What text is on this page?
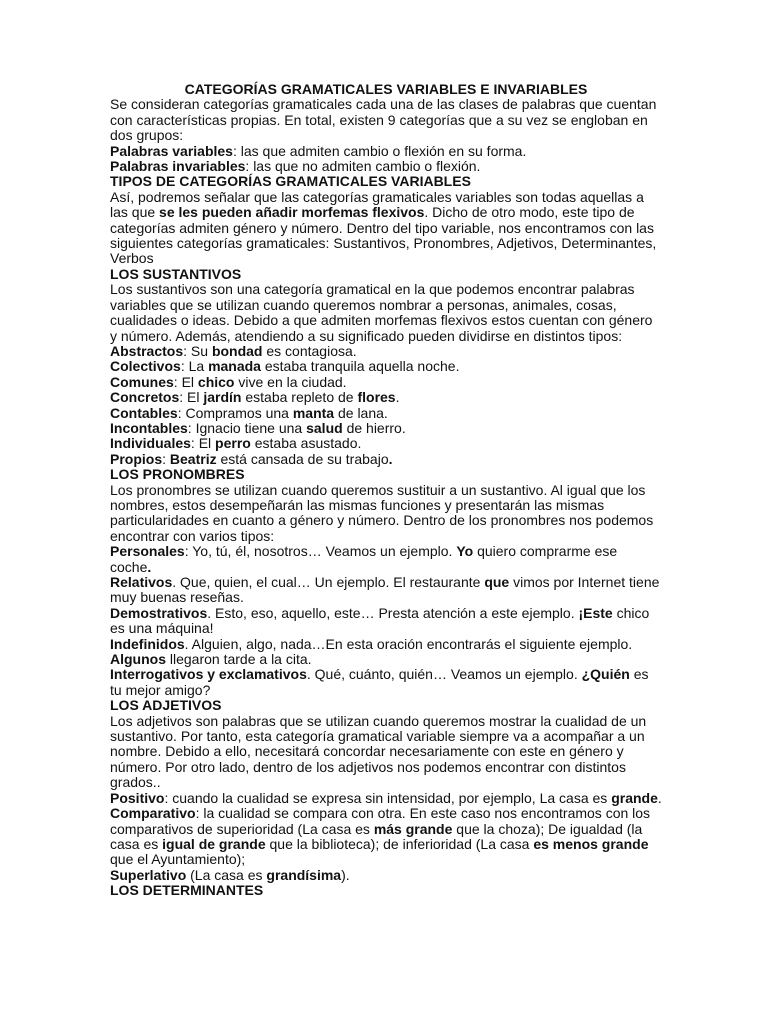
CATEGORÍAS GRAMATICALES VARIABLES E INVARIABLES

Se consideran categorías gramaticales cada una de las clases de palabras que cuentan con características propias. En total, existen 9 categorías que a su vez se engloban en dos grupos:

Palabras variables: las que admiten cambio o flexión en su forma.

Palabras invariables: las que no admiten cambio o flexión.

TIPOS DE CATEGORÍAS GRAMATICALES VARIABLES

Así, podremos señalar que las categorías gramaticales variables son todas aquellas a las que se les pueden añadir morfemas flexivos. Dicho de otro modo, este tipo de categorías admiten género y número. Dentro del tipo variable, nos encontramos con las siguientes categorías gramaticales: Sustantivos, Pronombres, Adjetivos, Determinantes, Verbos

LOS SUSTANTIVOS

Los sustantivos son una categoría gramatical en la que podemos encontrar palabras variables que se utilizan cuando queremos nombrar a personas, animales, cosas, cualidades o ideas. Debido a que admiten morfemas flexivos estos cuentan con género y número. Además, atendiendo a su significado pueden dividirse en distintos tipos:

Abstractos: Su bondad es contagiosa.

Colectivos: La manada estaba tranquila aquella noche.

Comunes: El chico vive en la ciudad.

Concretos: El jardín estaba repleto de flores.

Contables: Compramos una manta de lana.

Incontables: Ignacio tiene una salud de hierro.

Individuales: El perro estaba asustado.

Propios: Beatriz está cansada de su trabajo.

LOS PRONOMBRES

Los pronombres se utilizan cuando queremos sustituir a un sustantivo. Al igual que los nombres, estos desempeñarán las mismas funciones y presentarán las mismas particularidades en cuanto a género y número. Dentro de los pronombres nos podemos encontrar con varios tipos:

Personales: Yo, tú, él, nosotros… Veamos un ejemplo. Yo quiero comprarme ese coche.

Relativos. Que, quien, el cual… Un ejemplo. El restaurante que vimos por Internet tiene muy buenas reseñas.

Demostrativos. Esto, eso, aquello, este… Presta atención a este ejemplo. ¡Este chico es una máquina!

Indefinidos. Alguien, algo, nada…En esta oración encontrarás el siguiente ejemplo.

Algunos llegaron tarde a la cita.

Interrogativos y exclamativos. Qué, cuánto, quién… Veamos un ejemplo. ¿Quién es tu mejor amigo?

LOS ADJETIVOS

Los adjetivos son palabras que se utilizan cuando queremos mostrar la cualidad de un sustantivo. Por tanto, esta categoría gramatical variable siempre va a acompañar a un nombre. Debido a ello, necesitará concordar necesariamente con este en género y número. Por otro lado, dentro de los adjetivos nos podemos encontrar con distintos grados..

Positivo: cuando la cualidad se expresa sin intensidad, por ejemplo, La casa es grande.

Comparativo: la cualidad se compara con otra. En este caso nos encontramos con los comparativos de superioridad (La casa es más grande que la choza); De igualdad (la casa es igual de grande que la biblioteca); de inferioridad (La casa es menos grande que el Ayuntamiento);

Superlativo (La casa es grandísima).

LOS DETERMINANTES
